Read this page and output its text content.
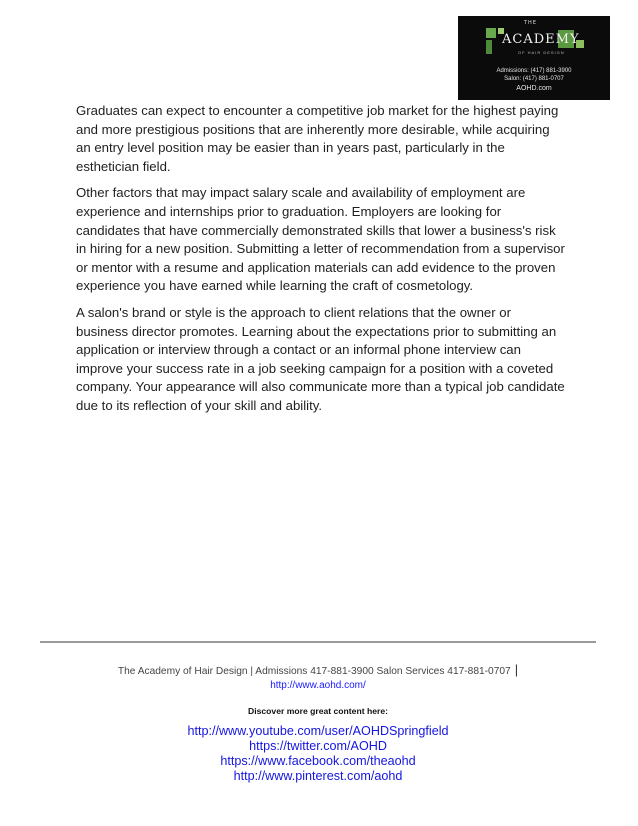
THE
ACADEMY
OF HAIR DESIGN
Admissions: (417) 881-3900
Salon: (417) 881-0707
AOHD.com

Graduates can expect to encounter a competitive job market for the highest paying and more prestigious positions that are inherently more desirable, while acquiring an entry level position may be easier than in years past, particularly in the esthetician field.

Other factors that may impact salary scale and availability of employment are experience and internships prior to graduation. Employers are looking for candidates that have commercially demonstrated skills that lower a business's risk in hiring for a new position. Submitting a letter of recommendation from a supervisor or mentor with a resume and application materials can add evidence to the proven experience you have earned while learning the craft of cosmetology.

A salon's brand or style is the approach to client relations that the owner or business director promotes. Learning about the expectations prior to submitting an application or interview through a contact or an informal phone interview can improve your success rate in a job seeking campaign for a position with a coveted company. Your appearance will also communicate more than a typical job candidate due to its reflection of your skill and ability.

The Academy of Hair Design | Admissions 417-881-3900 Salon Services 417-881-0707 |
http://www.aohd.com/
Discover more great content here:
http://www.youtube.com/user/AOHDSpringfield
https://twitter.com/AOHD
https://www.facebook.com/theaohd
http://www.pinterest.com/aohd
